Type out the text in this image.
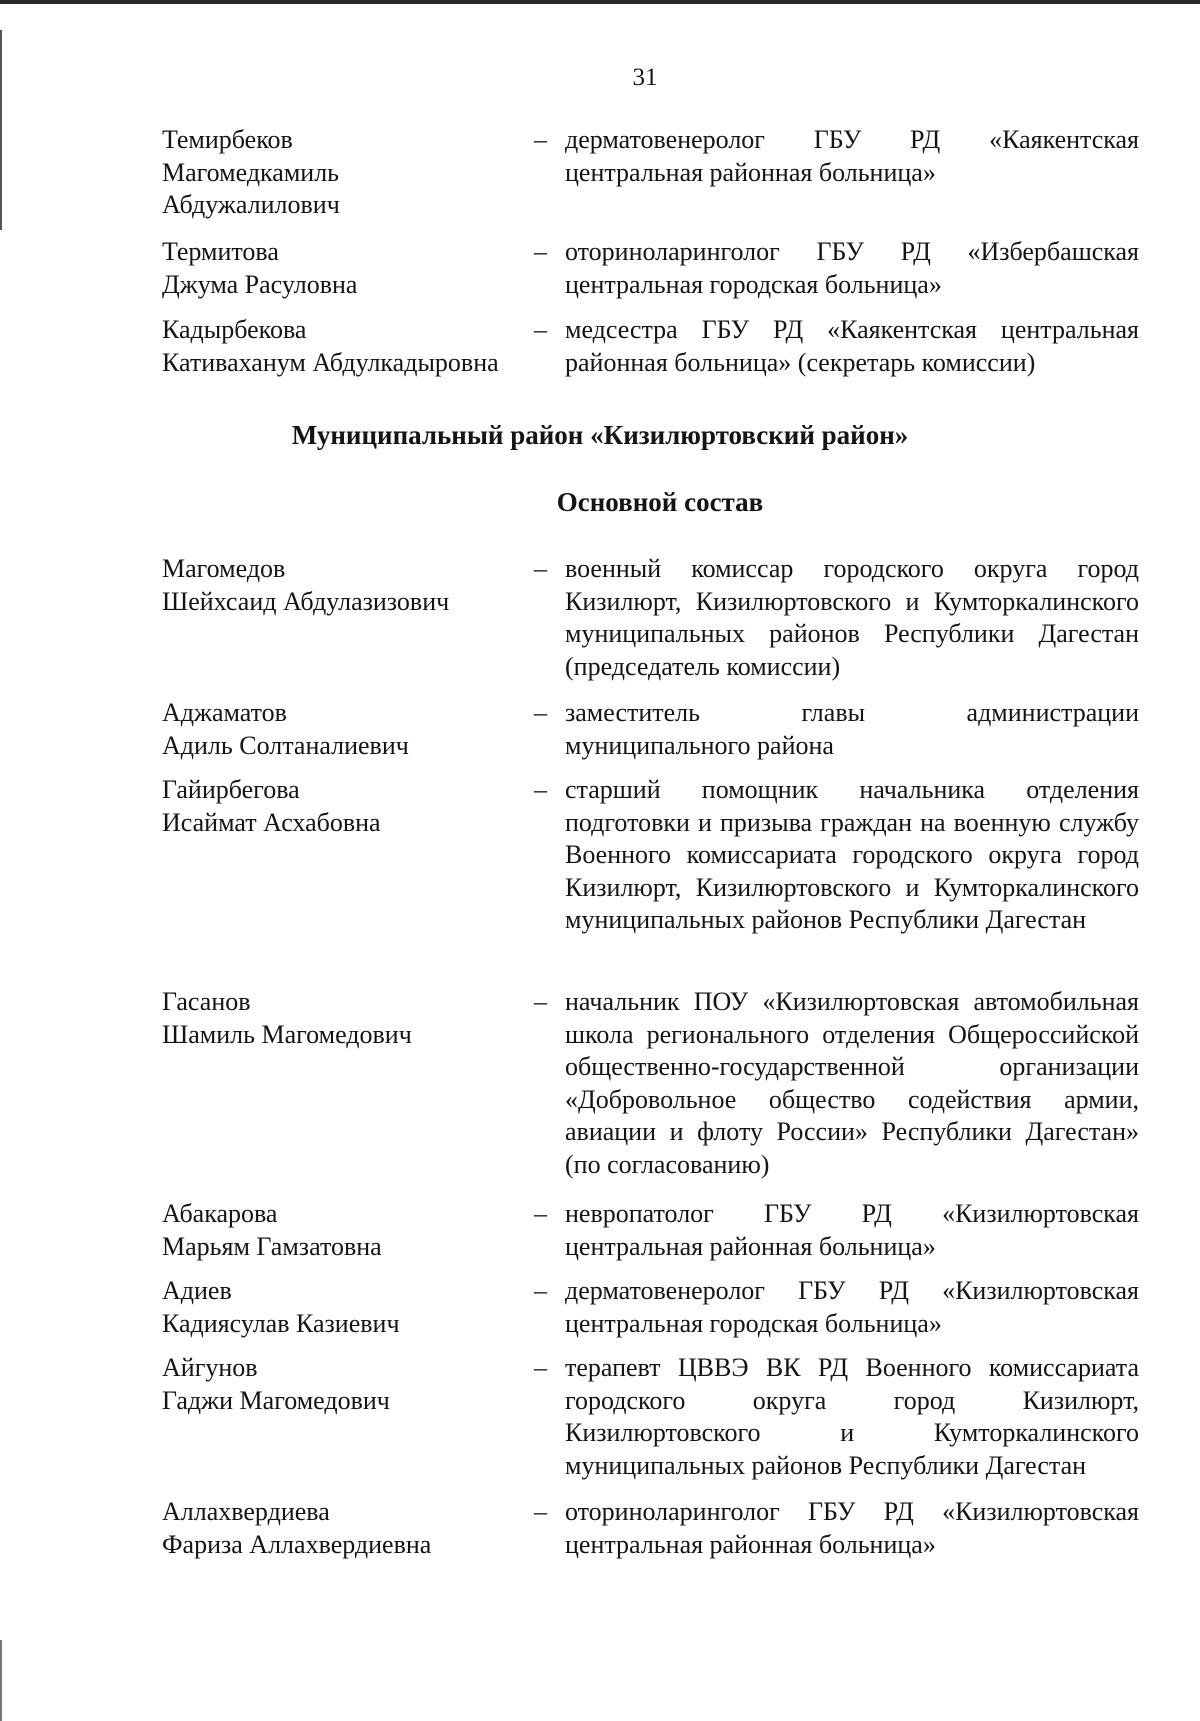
31
Темирбеков
Магомедкамиль
Абдужалилович
– дерматовенеролог ГБУ РД «Каякентская центральная районная больница»
Термитова
Джума Расуловна
– оториноларинголог ГБУ РД «Избербашская центральная городская больница»
Кадырбекова
Кативаханум Абдулкадыровна
– медсестра ГБУ РД «Каякентская центральная районная больница» (секретарь комиссии)
Муниципальный район «Кизилюртовский район»
Основной состав
Магомедов
Шейхсаид Абдулазизович
– военный комиссар городского округа город Кизилюрт, Кизилюртовского и Кумторкалинского муниципальных районов Республики Дагестан (председатель комиссии)
Аджаматов
Адиль Солтаналиевич
– заместитель главы администрации муниципального района
Гайирбегова
Исаймат Асхабовна
– старший помощник начальника отделения подготовки и призыва граждан на военную службу Военного комиссариата городского округа город Кизилюрт, Кизилюртовского и Кумторкалинского муниципальных районов Республики Дагестан
Гасанов
Шамиль Магомедович
– начальник ПОУ «Кизилюртовская автомобильная школа регионального отделения Общероссийской общественно-государственной организации «Добровольное общество содействия армии, авиации и флоту России» Республики Дагестан» (по согласованию)
Абакарова
Марьям Гамзатовна
– невропатолог ГБУ РД «Кизилюртовская центральная районная больница»
Адиев
Кадиясулав Казиевич
– дерматовенеролог ГБУ РД «Кизилюртовская центральная городская больница»
Айгунов
Гаджи Магомедович
– терапевт ЦВВЭ ВК РД Военного комиссариата городского округа город Кизилюрт, Кизилюртовского и Кумторкалинского муниципальных районов Республики Дагестан
Аллахвердиева
Фариза Аллахвердиевна
– оториноларинголог ГБУ РД «Кизилюртовская центральная районная больница»
